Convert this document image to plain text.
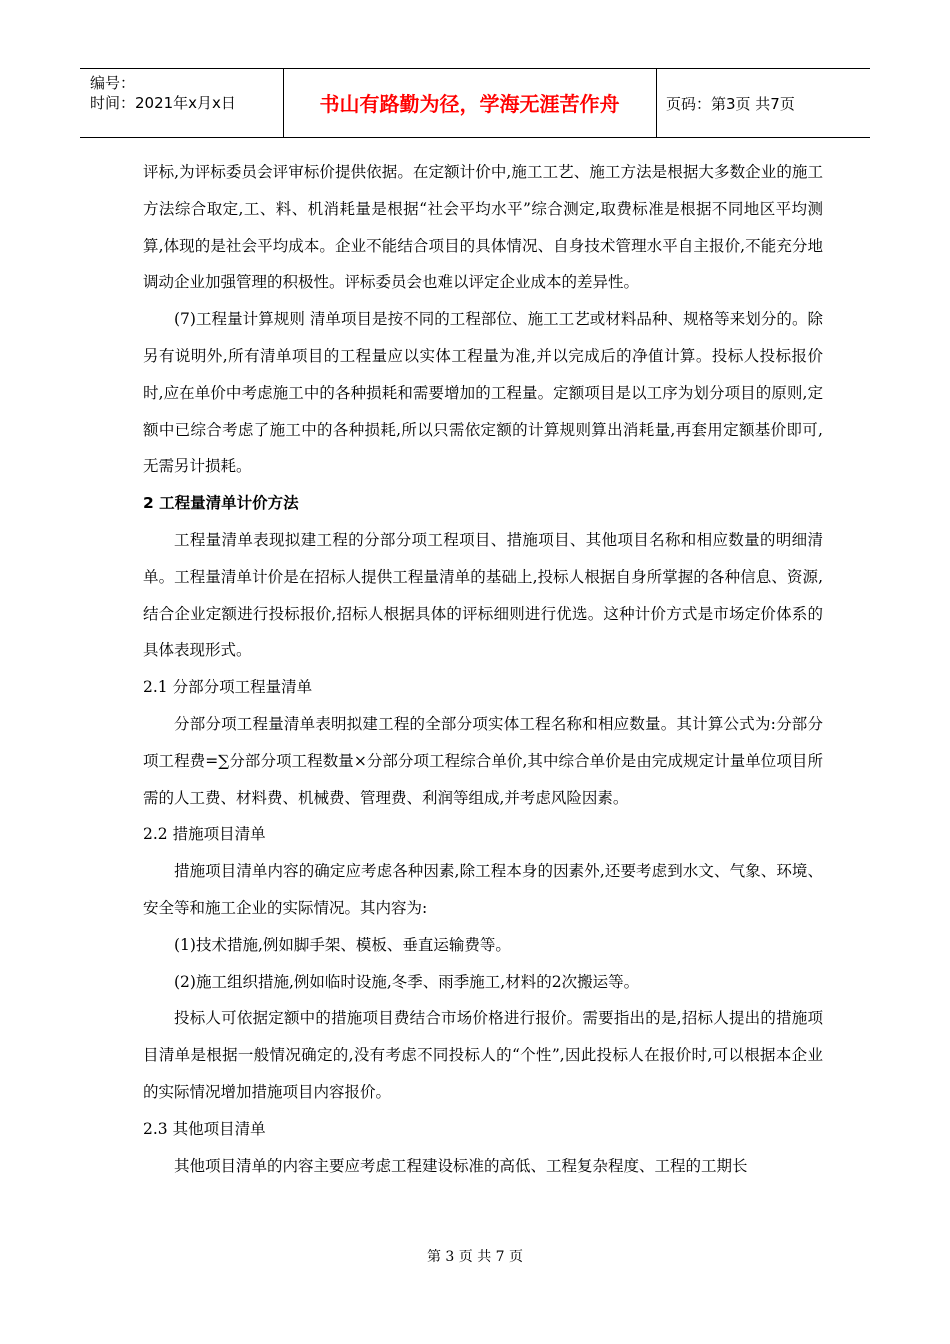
编号：
时间：2021年x月x日	书山有路勤为径，学海无涯苦作舟	页码：第3页 共7页

评标,为评标委员会评审标价提供依据。在定额计价中,施工工艺、施工方法是根据大多数企业的施工方法综合取定,工、料、机消耗量是根据“社会平均水平”综合测定,取费标准是根据不同地区平均测算,体现的是社会平均成本。企业不能结合项目的具体情况、自身技术管理水平自主报价,不能充分地调动企业加强管理的积极性。评标委员会也难以评定企业成本的差异性。

(7)工程量计算规则 清单项目是按不同的工程部位、施工工艺或材料品种、规格等来划分的。除另有说明外,所有清单项目的工程量应以实体工程量为准,并以完成后的净值计算。投标人投标报价时,应在单价中考虑施工中的各种损耗和需要增加的工程量。定额项目是以工序为划分项目的原则,定额中已综合考虑了施工中的各种损耗,所以只需依定额的计算规则算出消耗量,再套用定额基价即可,无需另计损耗。

2 工程量清单计价方法

工程量清单表现拟建工程的分部分项工程项目、措施项目、其他项目名称和相应数量的明细清单。工程量清单计价是在招标人提供工程量清单的基础上,投标人根据自身所掌握的各种信息、资源,结合企业定额进行投标报价,招标人根据具体的评标细则进行优选。这种计价方式是市场定价体系的具体表现形式。

2.1 分部分项工程量清单

分部分项工程量清单表明拟建工程的全部分项实体工程名称和相应数量。其计算公式为:分部分项工程费=∑分部分项工程数量×分部分项工程综合单价,其中综合单价是由完成规定计量单位项目所需的人工费、材料费、机械费、管理费、利润等组成,并考虑风险因素。

2.2 措施项目清单

措施项目清单内容的确定应考虑各种因素,除工程本身的因素外,还要考虑到水文、气象、环境、安全等和施工企业的实际情况。其内容为:

(1)技术措施,例如脚手架、模板、垂直运输费等。

(2)施工组织措施,例如临时设施,冬季、雨季施工,材料的2次搬运等。

投标人可依据定额中的措施项目费结合市场价格进行报价。需要指出的是,招标人提出的措施项目清单是根据一般情况确定的,没有考虑不同投标人的“个性”,因此投标人在报价时,可以根据本企业的实际情况增加措施项目内容报价。

2.3 其他项目清单

其他项目清单的内容主要应考虑工程建设标准的高低、工程复杂程度、工程的工期长

第 3 页 共 7 页
